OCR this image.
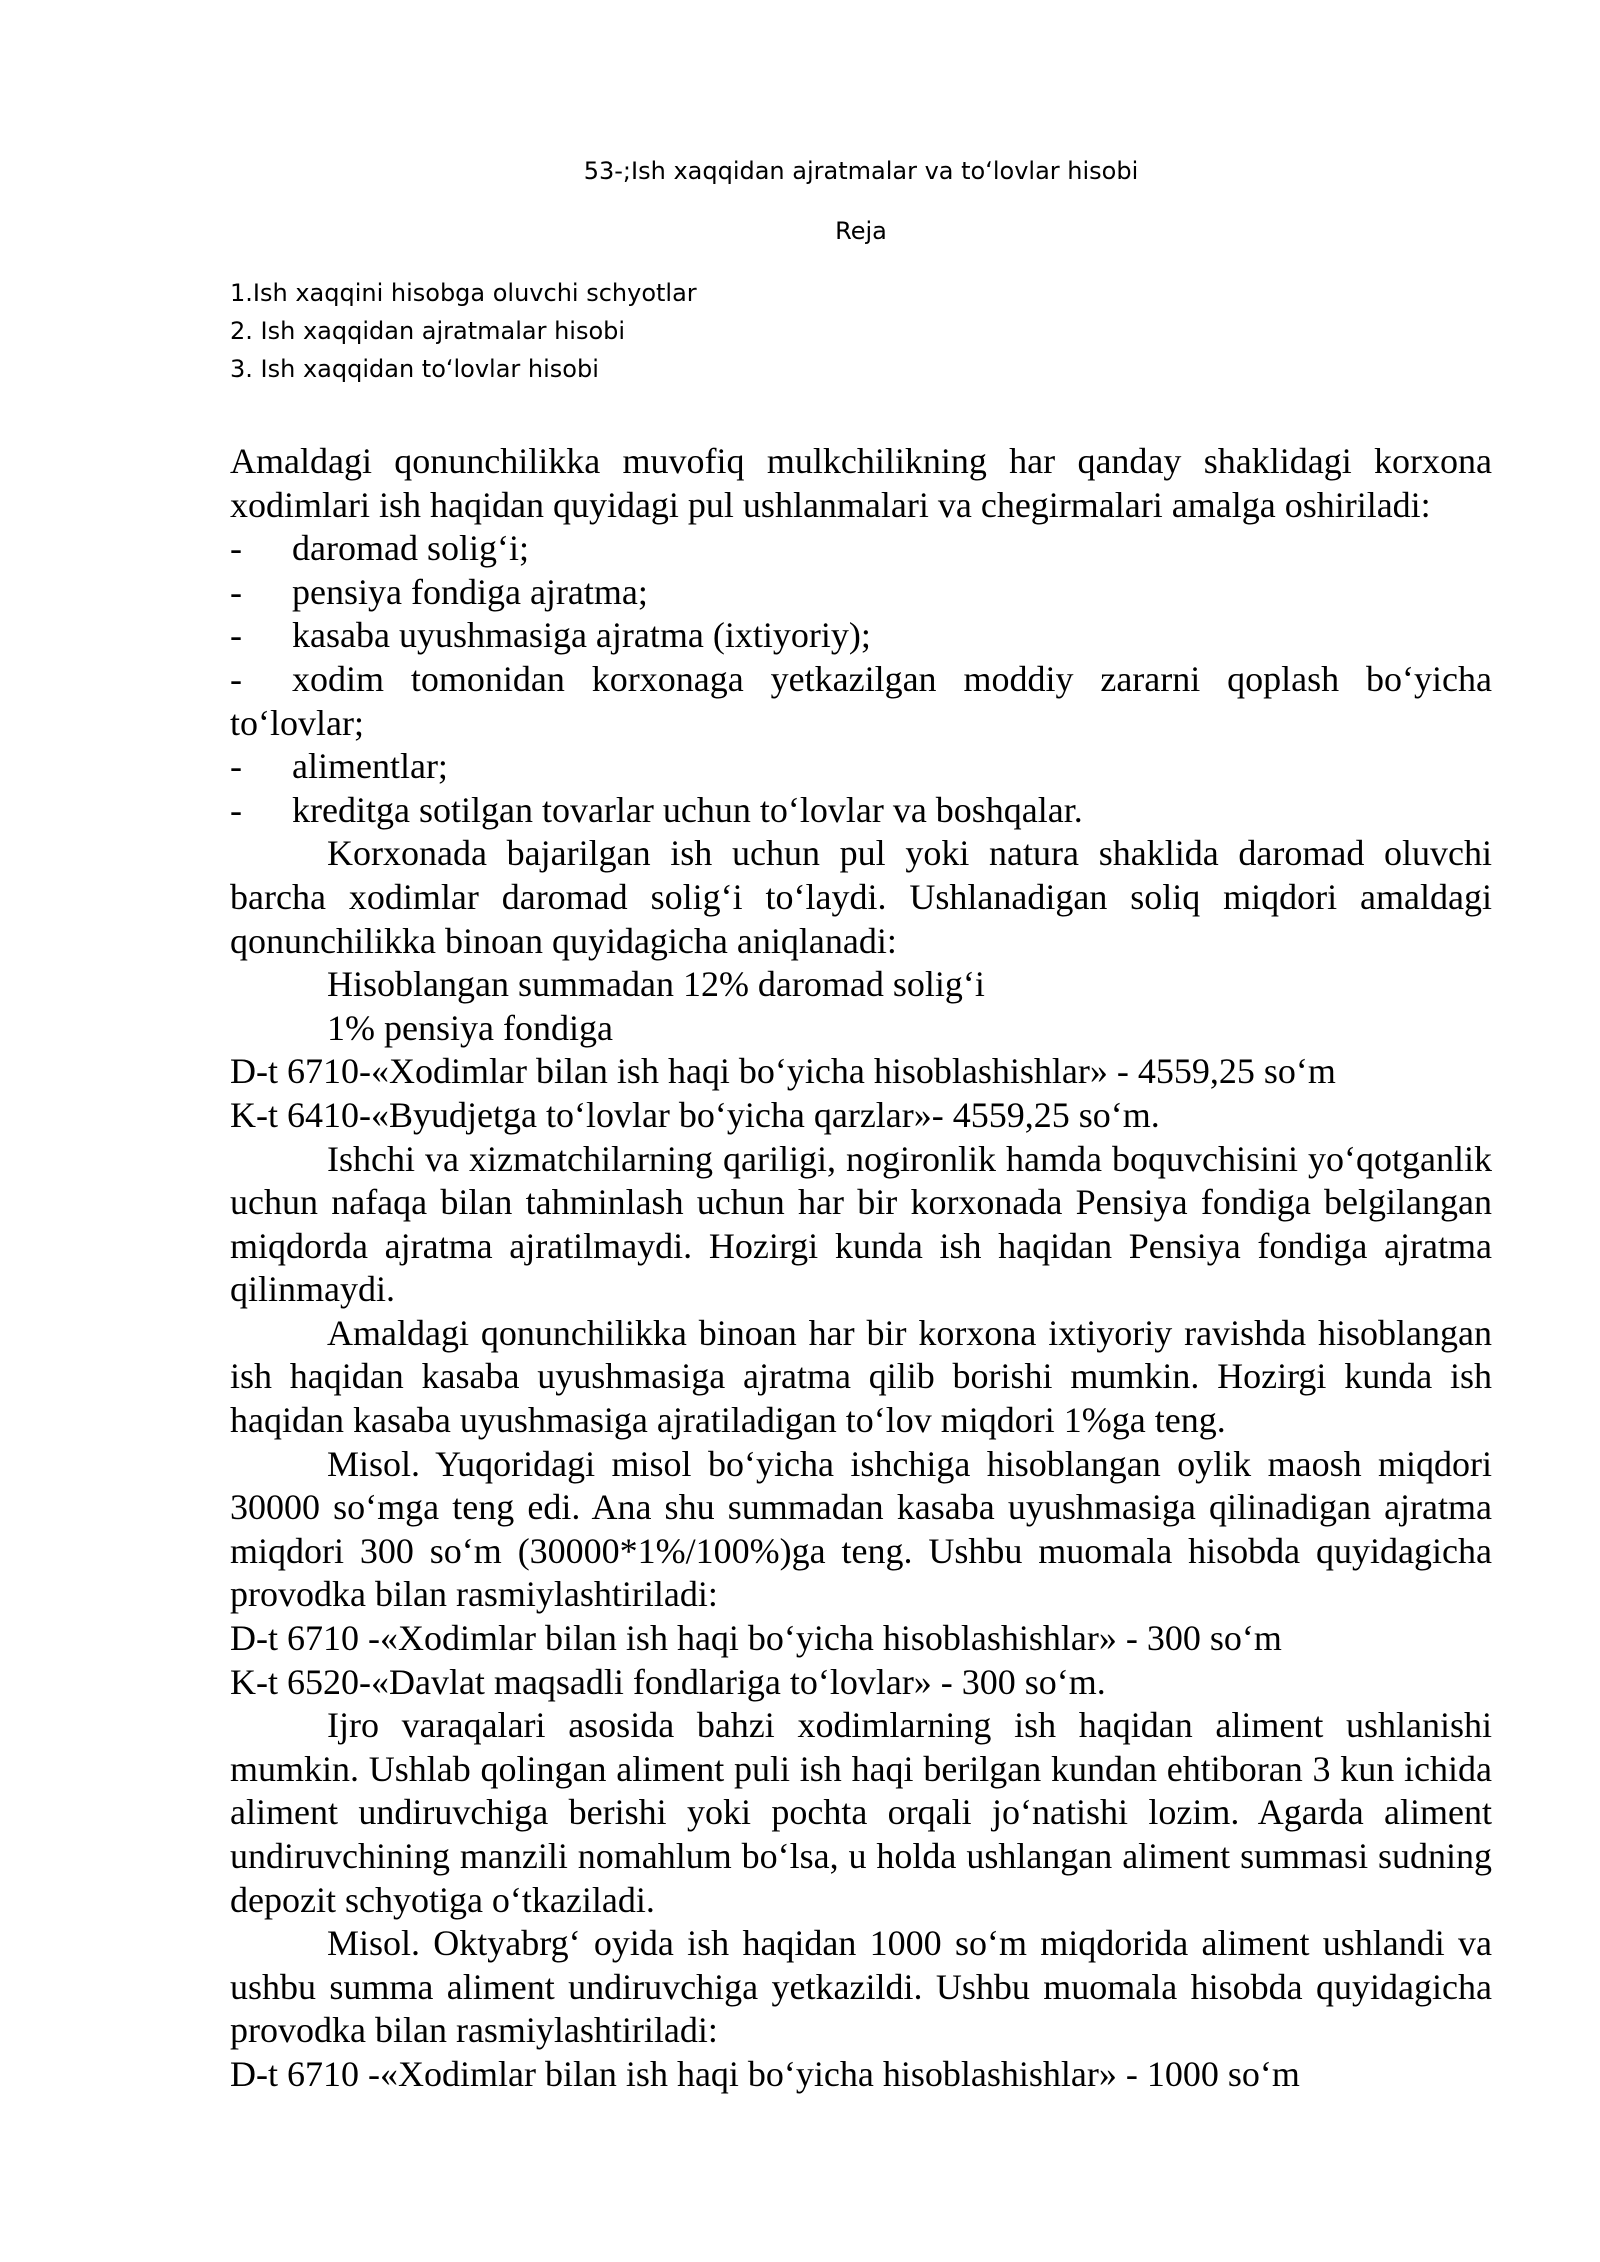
53-;Ish xaqqidan ajratmalar va toʻlovlar hisobi
Reja
1.Ish xaqqini hisobga oluvchi schyotlar
2. Ish xaqqidan ajratmalar hisobi
3. Ish xaqqidan toʻlovlar hisobi

Amaldagi qonunchilikka muvofiq mulkchilikning har qanday shaklidagi korxona xodimlari ish haqidan quyidagi pul ushlanmalari va chegirmalari amalga oshiriladi:

-	daromad soligʻi;
-	pensiya fondiga ajratma;
-	kasaba uyushmasiga ajratma (ixtiyoriy);

- xodim tomonidan korxonaga yetkazilgan moddiy zararni qoplash boʻyicha toʻlovlar;

-	alimentlar;
-	kreditga sotilgan tovarlar uchun toʻlovlar va boshqalar.

Korxonada bajarilgan ish uchun pul yoki natura shaklida daromad oluvchi barcha xodimlar daromad soligʻi toʻlaydi. Ushlanadigan soliq miqdori amaldagi qonunchilikka binoan quyidagicha aniqlanadi:

Hisoblangan summadan 12% daromad soligʻi

1% pensiya fondiga

D-t 6710-«Xodimlar bilan ish haqi boʻyicha hisoblashishlar» - 4559,25 soʻm

K-t 6410-«Byudjetga toʻlovlar boʻyicha qarzlar»- 4559,25 soʻm.

Ishchi va xizmatchilarning qariligi, nogironlik hamda boquvchisini yoʻqotganlik uchun nafaqa bilan tahminlash uchun har bir korxonada Pensiya fondiga belgilangan miqdorda ajratma ajratilmaydi. Hozirgi kunda ish haqidan Pensiya fondiga ajratma qilinmaydi.

Amaldagi qonunchilikka binoan har bir korxona ixtiyoriy ravishda hisoblangan ish haqidan kasaba uyushmasiga ajratma qilib borishi mumkin. Hozirgi kunda ish haqidan kasaba uyushmasiga ajratiladigan toʻlov miqdori 1%ga teng.

Misol. Yuqoridagi misol boʻyicha ishchiga hisoblangan oylik maosh miqdori 30000 soʻmga teng edi. Ana shu summadan kasaba uyushmasiga qilinadigan ajratma miqdori 300 soʻm (30000*1%/100%)ga teng. Ushbu muomala hisobda quyidagicha provodka bilan rasmiylashtiriladi:

D-t 6710 -«Xodimlar bilan ish haqi boʻyicha hisoblashishlar» - 300 soʻm

K-t 6520-«Davlat maqsadli fondlariga toʻlovlar» - 300 soʻm.

Ijro varaqalari asosida bahzi xodimlarning ish haqidan aliment ushlanishi mumkin. Ushlab qolingan aliment puli ish haqi berilgan kundan ehtiboran 3 kun ichida aliment undiruvchiga berishi yoki pochta orqali joʻnatishi lozim. Agarda aliment undiruvchining manzili nomahlum boʻlsa, u holda ushlangan aliment summasi sudning depozit schyotiga oʻtkaziladi.

Misol. Oktyabrgʻ oyida ish haqidan 1000 soʻm miqdorida aliment ushlandi va ushbu summa aliment undiruvchiga yetkazildi. Ushbu muomala hisobda quyidagicha provodka bilan rasmiylashtiriladi:

D-t 6710 -«Xodimlar bilan ish haqi boʻyicha hisoblashishlar» - 1000 soʻm
